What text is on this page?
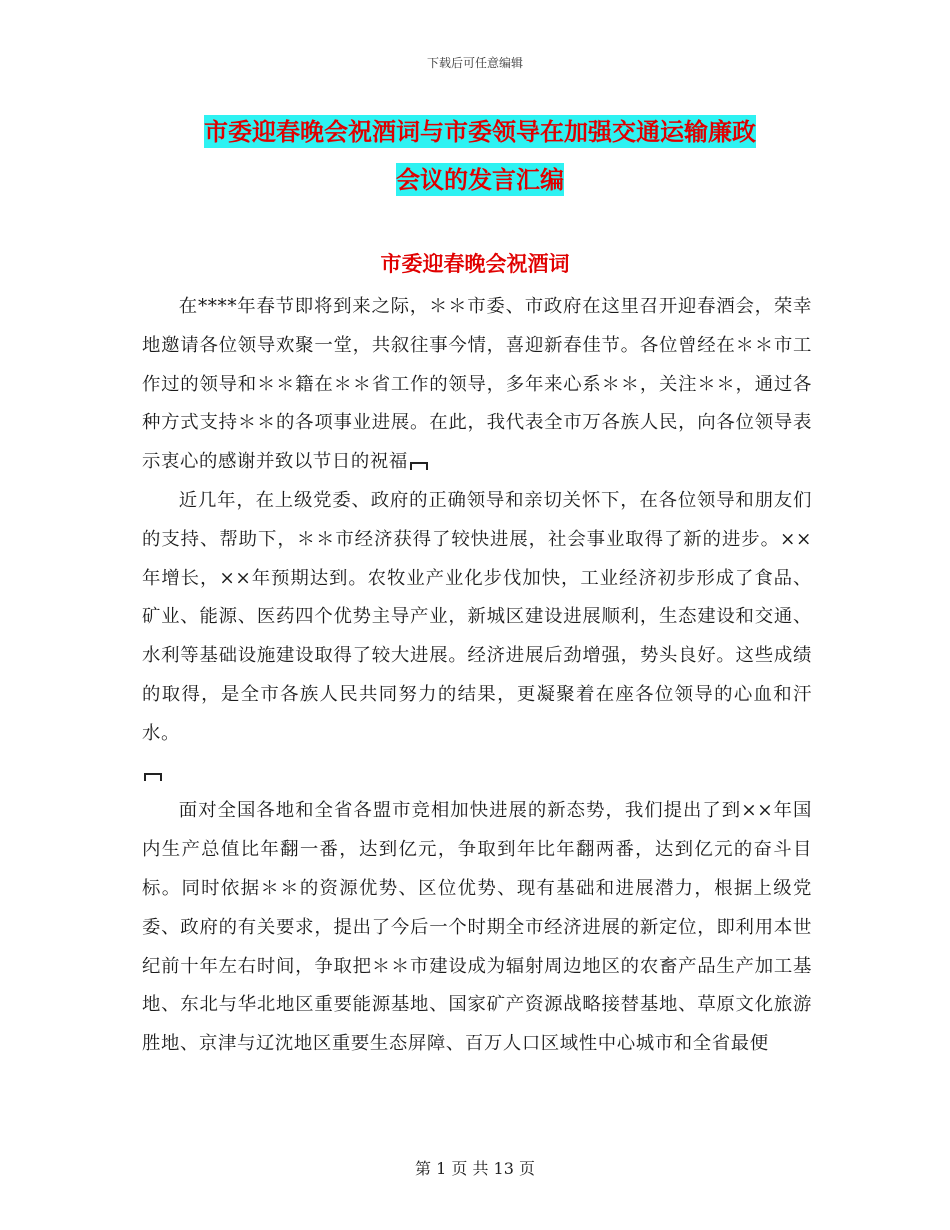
下载后可任意编辑
市委迎春晚会祝酒词与市委领导在加强交通运输廉政
会议的发言汇编
市委迎春晚会祝酒词

在****年春节即将到来之际，＊＊市委、市政府在这里召开迎春酒会，荣幸地邀请各位领导欢聚一堂，共叙往事今情，喜迎新春佳节。各位曾经在＊＊市工作过的领导和＊＊籍在＊＊省工作的领导，多年来心系＊＊，关注＊＊，通过各种方式支持＊＊的各项事业进展。在此，我代表全市万各族人民，向各位领导表示衷心的感谢并致以节日的祝福

近几年，在上级党委、政府的正确领导和亲切关怀下，在各位领导和朋友们的支持、帮助下，＊＊市经济获得了较快进展，社会事业取得了新的进步。××年增长，××年预期达到。农牧业产业化步伐加快，工业经济初步形成了食品、矿业、能源、医药四个优势主导产业，新城区建设进展顺利，生态建设和交通、水利等基础设施建设取得了较大进展。经济进展后劲增强，势头良好。这些成绩的取得，是全市各族人民共同努力的结果，更凝聚着在座各位领导的心血和汗水。

面对全国各地和全省各盟市竞相加快进展的新态势，我们提出了到××年国内生产总值比年翻一番，达到亿元，争取到年比年翻两番，达到亿元的奋斗目标。同时依据＊＊的资源优势、区位优势、现有基础和进展潜力，根据上级党委、政府的有关要求，提出了今后一个时期全市经济进展的新定位，即利用本世纪前十年左右时间，争取把＊＊市建设成为辐射周边地区的农畜产品生产加工基地、东北与华北地区重要能源基地、国家矿产资源战略接替基地、草原文化旅游胜地、京津与辽沈地区重要生态屏障、百万人口区域性中心城市和全省最便

第 1 页 共 13 页
